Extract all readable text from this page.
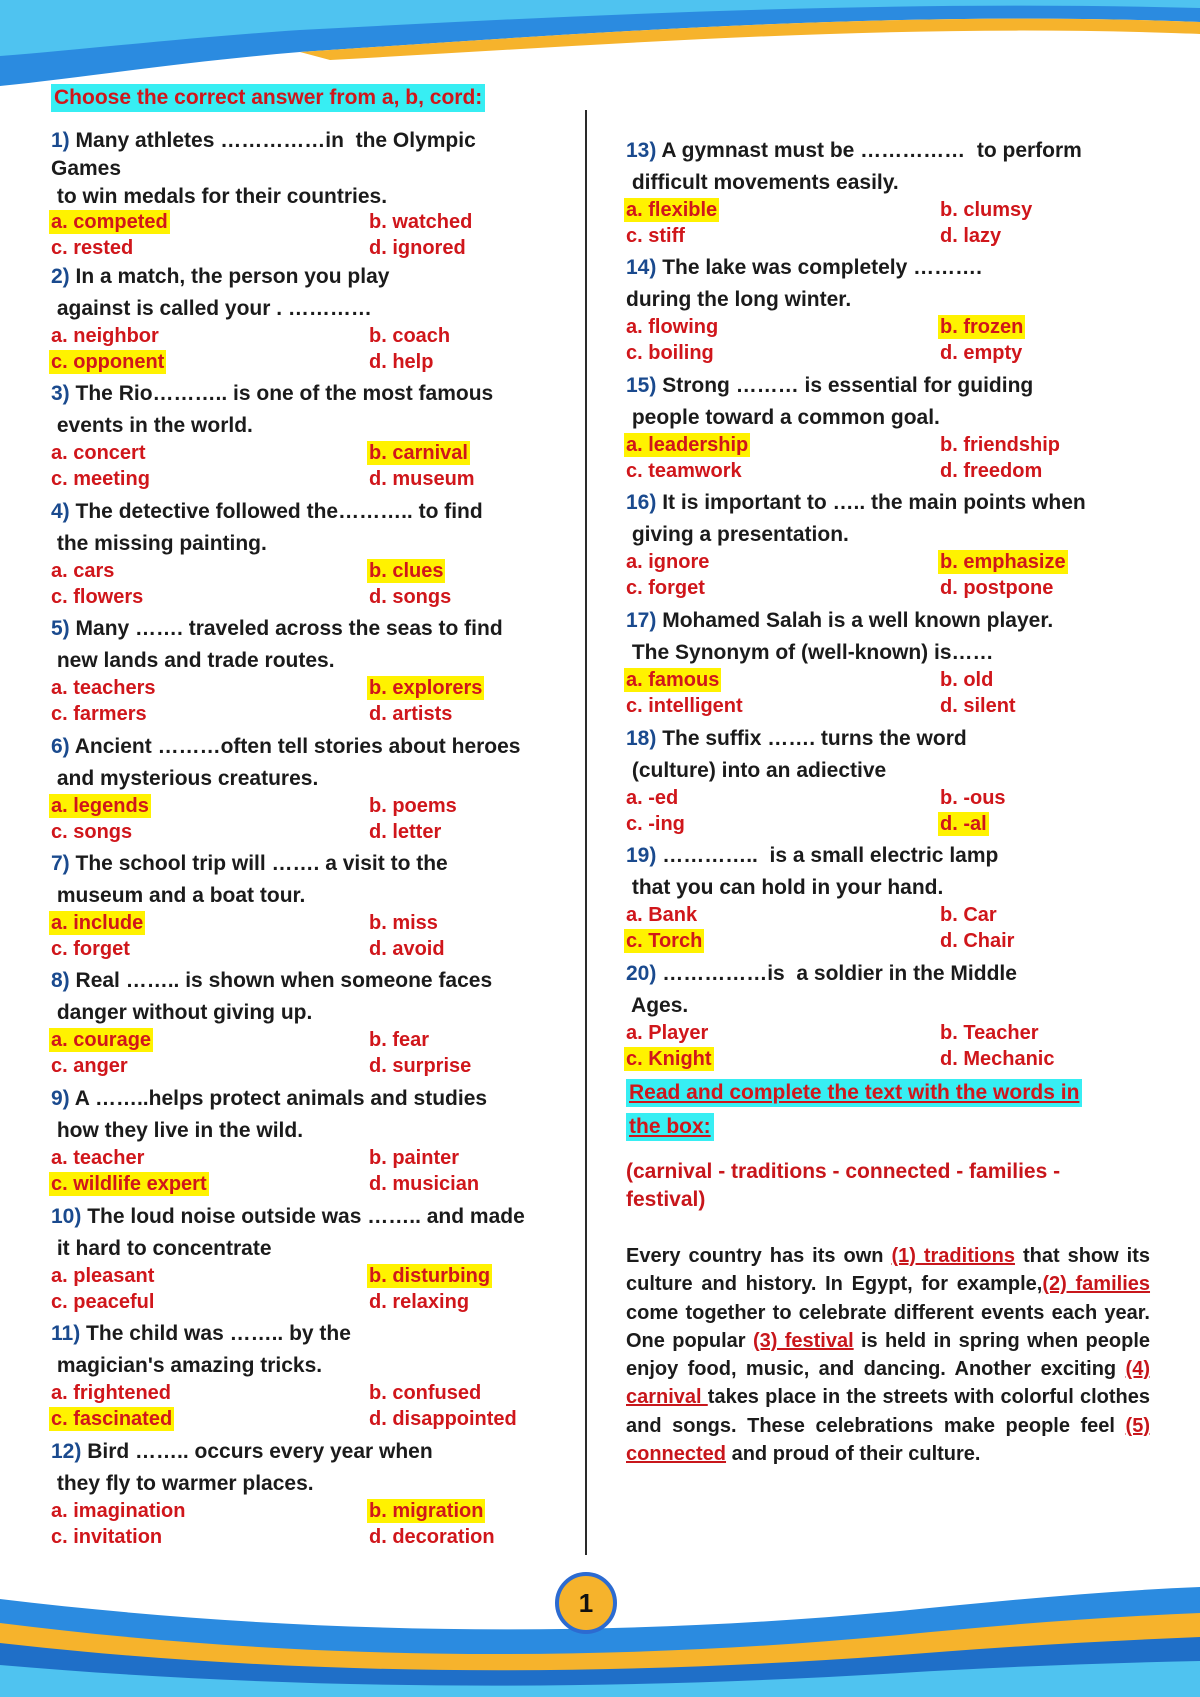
Choose the correct answer from a, b, cord:
1) Many athletes ……………in  the Olympic
Games
to win medals for their countries.
a. competed	b. watched
c. rested	d. ignored
2) In a match, the person you play
against is called your . …………
a. neighbor	b. coach
c. opponent	d. help
3) The Rio……….. is one of the most famous
events in the world.
a. concert	b. carnival
c. meeting	d. museum
4) The detective followed the……….. to find
the missing painting.
a. cars	b. clues
c. flowers	d. songs
5) Many ……. traveled across the seas to find
new lands and trade routes.
a. teachers	b. explorers
c. farmers	d. artists
6) Ancient ………often tell stories about heroes
and mysterious creatures.
a. legends	b. poems
c. songs	d. letter
7) The school trip will ……. a visit to the
museum and a boat tour.
a. include	b. miss
c. forget	d. avoid
8) Real …….. is shown when someone faces
danger without giving up.
a. courage	b. fear
c. anger	d. surprise
9) A ……..helps protect animals and studies
how they live in the wild.
a. teacher	b. painter
c. wildlife expert	d. musician
10) The loud noise outside was …….. and made
it hard to concentrate
a. pleasant	b. disturbing
c. peaceful	d. relaxing
11) The child was …….. by the
magician's amazing tricks.
a. frightened	b. confused
c. fascinated	d. disappointed
12) Bird …….. occurs every year when
they fly to warmer places.
a. imagination	b. migration
c. invitation	d. decoration
13) A gymnast must be ……………  to perform
difficult movements easily.
a. flexible	b. clumsy
c. stiff	d. lazy
14) The lake was completely ……….
during the long winter.
a. flowing	b. frozen
c. boiling	d. empty
15) Strong ……… is essential for guiding
people toward a common goal.
a. leadership	b. friendship
c. teamwork	d. freedom
16) It is important to ….. the main points when
giving a presentation.
a. ignore	b. emphasize
c. forget	d. postpone
17) Mohamed Salah is a well known player.
The Synonym of (well-known) is……
a. famous	b. old
c. intelligent	d. silent
18) The suffix ……. turns the word
(culture) into an adiective
a. -ed	b. -ous
c. -ing	d. -al
19) …………..  is a small electric lamp
that you can hold in your hand.
a. Bank	b. Car
c. Torch	d. Chair
20) ……………is  a soldier in the Middle
Ages.
a. Player	b. Teacher
c. Knight	d. Mechanic
Read and complete the text with the words in
the box:
(carnival - traditions - connected - families - festival)
Every country has its own (1) traditions that show its culture and history. In Egypt, for example,(2) families come together to celebrate different events each year. One popular (3) festival is held in spring when people enjoy food, music, and dancing. Another exciting (4) carnival takes place in the streets with colorful clothes and songs. These celebrations make people feel (5) connected and proud of their culture.
1
